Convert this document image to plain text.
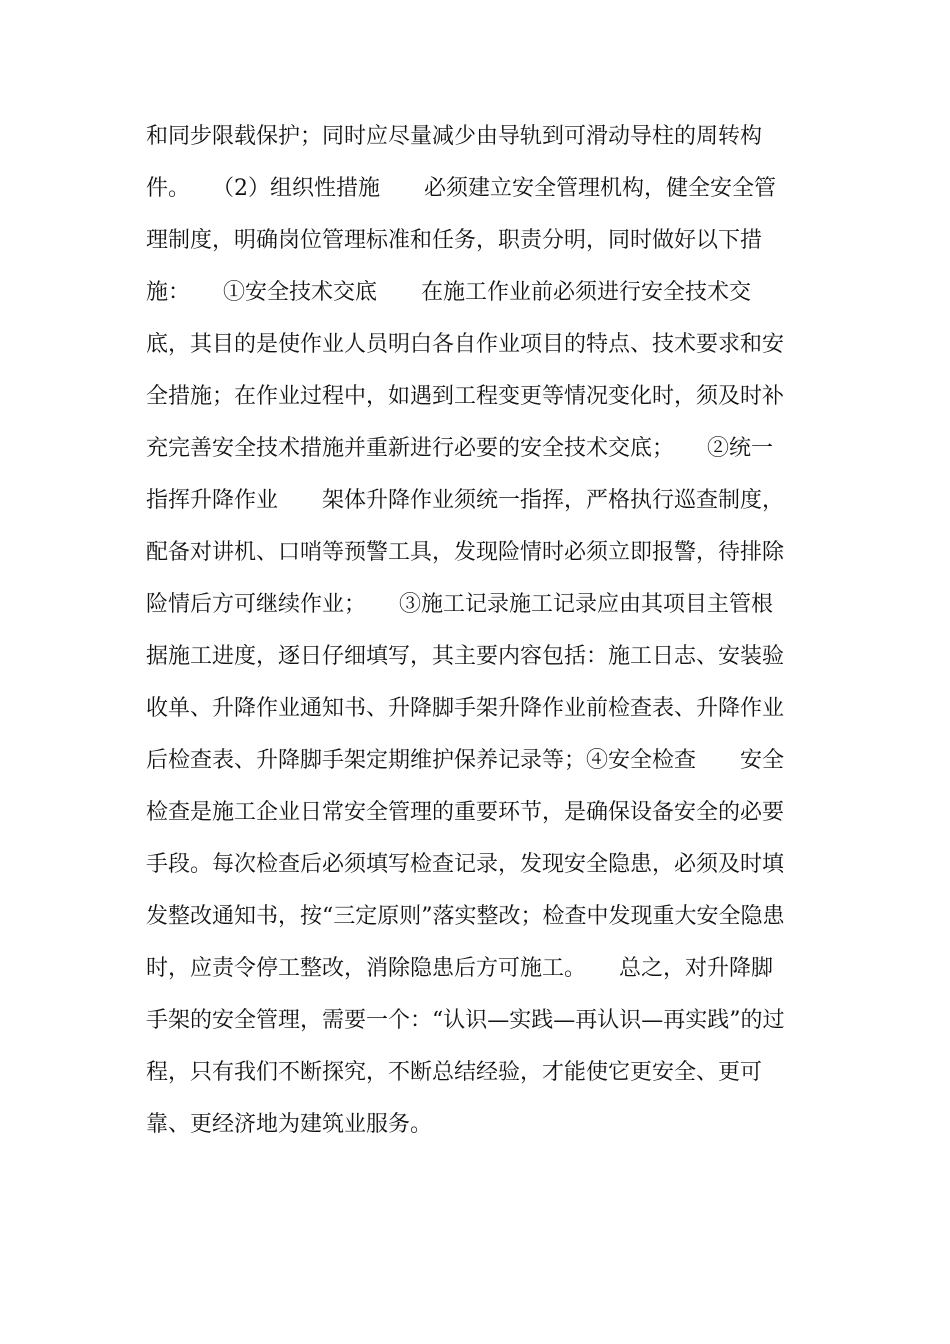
和同步限载保护；同时应尽量减少由导轨到可滑动导柱的周转构
件。　　（2）组织性措施　　必须建立安全管理机构，健全安全管
理制度，明确岗位管理标准和任务，职责分明，同时做好以下措
施：　　①安全技术交底　　在施工作业前必须进行安全技术交
底，其目的是使作业人员明白各自作业项目的特点、技术要求和安
全措施；在作业过程中，如遇到工程变更等情况变化时，须及时补
充完善安全技术措施并重新进行必要的安全技术交底；　　②统一
指挥升降作业　　架体升降作业须统一指挥，严格执行巡查制度，
配备对讲机、口哨等预警工具，发现险情时必须立即报警，待排除
险情后方可继续作业；　　③施工记录施工记录应由其项目主管根
据施工进度，逐日仔细填写，其主要内容包括：施工日志、安装验
收单、升降作业通知书、升降脚手架升降作业前检查表、升降作业
后检查表、升降脚手架定期维护保养记录等；④安全检查　　安全
检查是施工企业日常安全管理的重要环节，是确保设备安全的必要
手段。每次检查后必须填写检查记录，发现安全隐患，必须及时填
发整改通知书，按“三定原则”落实整改；检查中发现重大安全隐患
时，应责令停工整改，消除隐患后方可施工。　　总之，对升降脚
手架的安全管理，需要一个：“认识—实践—再认识—再实践”的过
程，只有我们不断探究，不断总结经验，才能使它更安全、更可
靠、更经济地为建筑业服务。
